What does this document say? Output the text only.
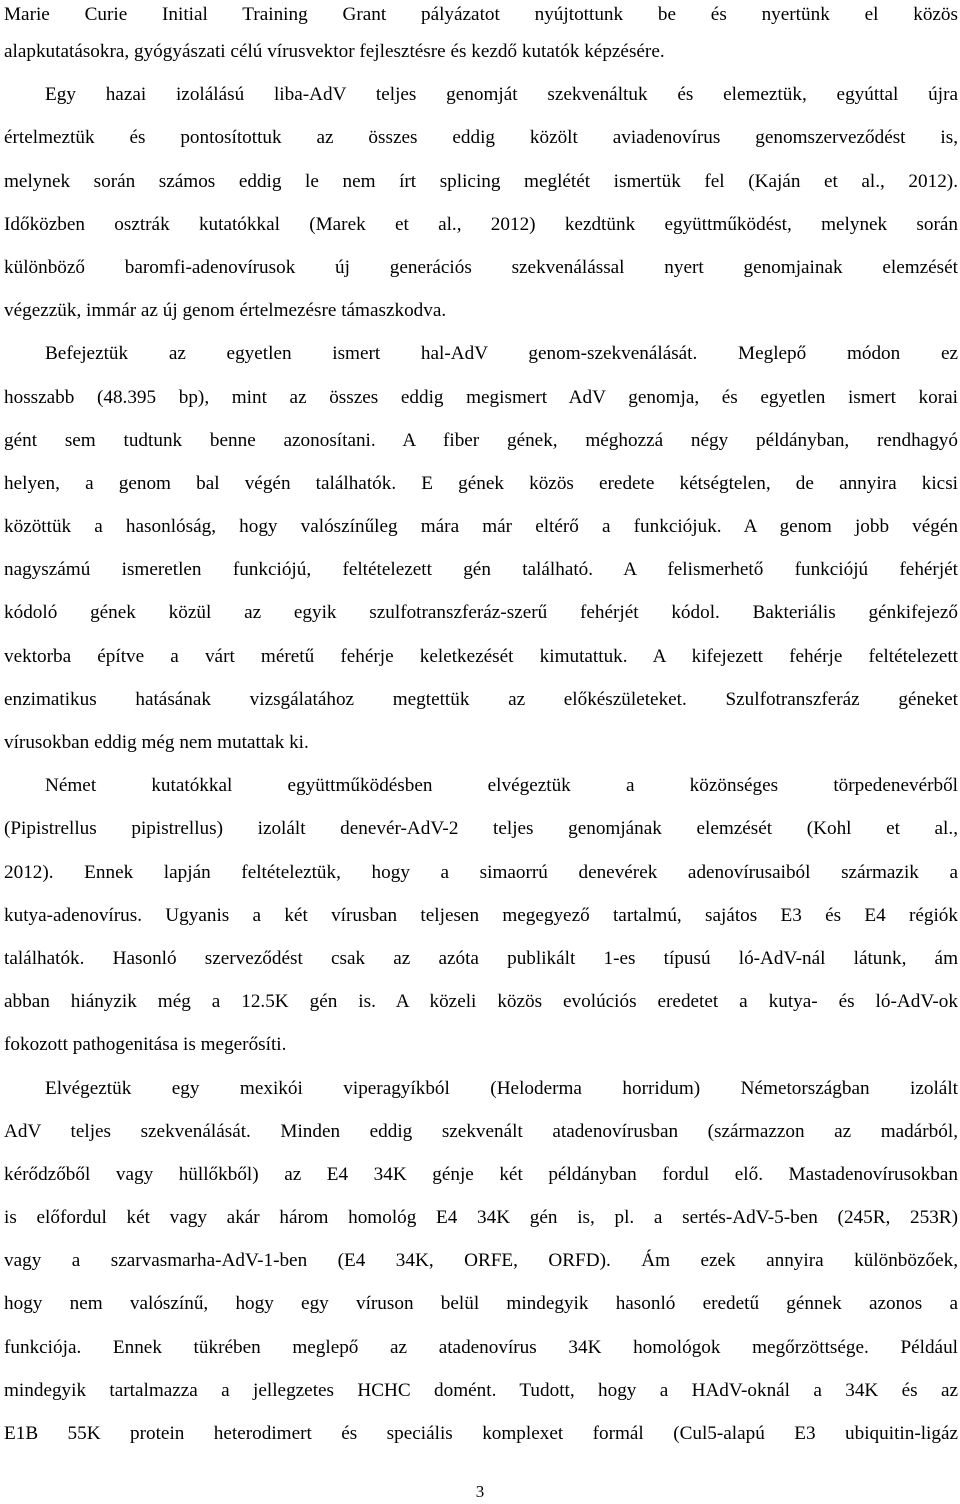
Marie Curie Initial Training Grant pályázatot nyújtottunk be és nyertünk el közös
alapkutatásokra, gyógyászati célú vírusvektor fejlesztésre és kezdő kutatók képzésére.
Egy hazai izolálású liba-AdV teljes genomját szekvenáltuk és elemeztük, egyúttal újra
értelmeztük és pontosítottuk az összes eddig közölt aviadenovírus genomszerveződést is,
melynek során számos eddig le nem írt splicing meglétét ismertük fel (Kaján et al., 2012).
Időközben osztrák kutatókkal (Marek et al., 2012) kezdtünk együttműködést, melynek során
különböző baromfi-adenovírusok új generációs szekvenálással nyert genomjainak elemzését
végezzük, immár az új genom értelmezésre támaszkodva.
Befejeztük az egyetlen ismert hal-AdV genom-szekvenálását. Meglepő módon ez
hosszabb (48.395 bp), mint az összes eddig megismert AdV genomja, és egyetlen ismert korai
gént sem tudtunk benne azonosítani. A fiber gének, méghozzá négy példányban, rendhagyó
helyen, a genom bal végén találhatók. E gének közös eredete kétségtelen, de annyira kicsi
közöttük a hasonlóság, hogy valószínűleg mára már eltérő a funkciójuk. A genom jobb végén
nagyszámú ismeretlen funkciójú, feltételezett gén található. A felismerhető funkciójú fehérjét
kódoló gének közül az egyik szulfotranszferáz-szerű fehérjét kódol. Bakteriális génkifejező
vektorba építve a várt méretű fehérje keletkezését kimutattuk. A kifejezett fehérje feltételezett
enzimatikus hatásának vizsgálatához megtettük az előkészületeket. Szulfotranszferáz géneket
vírusokban eddig még nem mutattak ki.
Német kutatókkal együttműködésben elvégeztük a közönséges törpedenevérből
(Pipistrellus pipistrellus) izolált denevér-AdV-2 teljes genomjának elemzését (Kohl et al.,
2012). Ennek lapján feltételeztük, hogy a simaorrú denevérek adenovírusaiból származik a
kutya-adenovírus. Ugyanis a két vírusban teljesen megegyező tartalmú, sajátos E3 és E4 régiók
találhatók. Hasonló szerveződést csak az azótа publikált 1-es típusú ló-AdV-nál látunk, ám
abban hiányzik még a 12.5K gén is. A közeli közös evolúciós eredetet a kutya- és ló-AdV-ok
fokozott pathogenitása is megerősíti.
Elvégeztük egy mexikói viperagyíkból (Heloderma horridum) Németországban izolált
AdV teljes szekvenálását. Minden eddig szekvenált atadenovírusban (származzon az madárból,
kérődzőből vagy hüllőkből) az E4 34K génje két példányban fordul elő. Mastadenovírusokban
is előfordul két vagy akár három homológ E4 34K gén is, pl. a sertés-AdV-5-ben (245R, 253R)
vagy a szarvasmarha-AdV-1-ben (E4 34K, ORFE, ORFD). Ám ezek annyira különbözőek,
hogy nem valószínű, hogy egy víruson belül mindegyik hasonló eredetű génnek azonos a
funkciója. Ennek tükrében meglepő az atadenovírus 34K homológok megőrzöttsége. Például
mindegyik tartalmazza a jellegzetes HCHC domént. Tudott, hogy a HAdV-oknál a 34K és az
E1B 55K protein heterodimert és speciális komplexet formál (Cul5-alapú E3 ubiquitin-ligáz
3
